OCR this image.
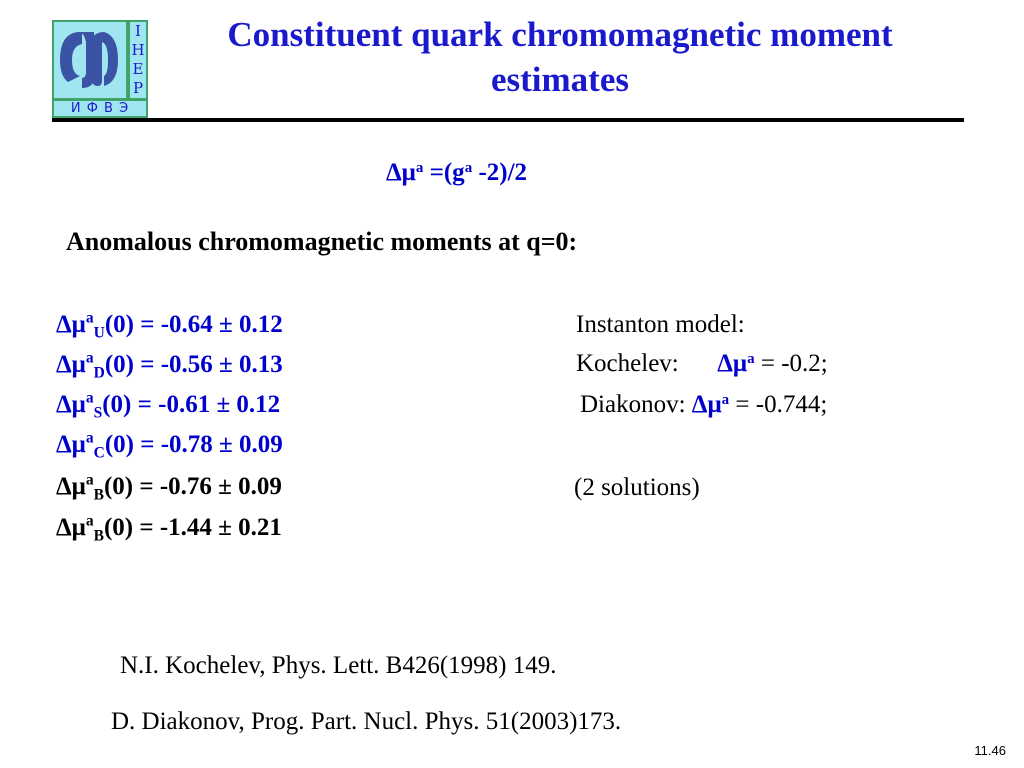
I
Н
Е
Р
И Ф В Э
Constituent quark chromomagnetic moment estimates
$\Delta\mu^a =(g^a$ -2)/2
Anomalous chromomagnetic moments at q=0:
$\Delta\mu^a_U(0) = -0.64 \pm 0.12$
$\Delta\mu^a_D(0) = -0.56 \pm 0.13$
$\Delta\mu^a_S(0) = -0.61 \pm 0.12$
$\Delta\mu^a_C(0) = -0.78 \pm 0.09$
$\Delta\mu^a_B(0) = -0.76 \pm 0.09$
$\Delta\mu^a_B(0) = -1.44 \pm 0.21$
Instanton model:
Kochelev: $\Delta\mu^a = -0.2$;
Diakonov: $\Delta\mu^a = -0.744$;
(2 solutions)
N.I. Kochelev, Phys. Lett. B426(1998) 149.
D. Diakonov, Prog. Part. Nucl. Phys. 51(2003)173.
11.46
